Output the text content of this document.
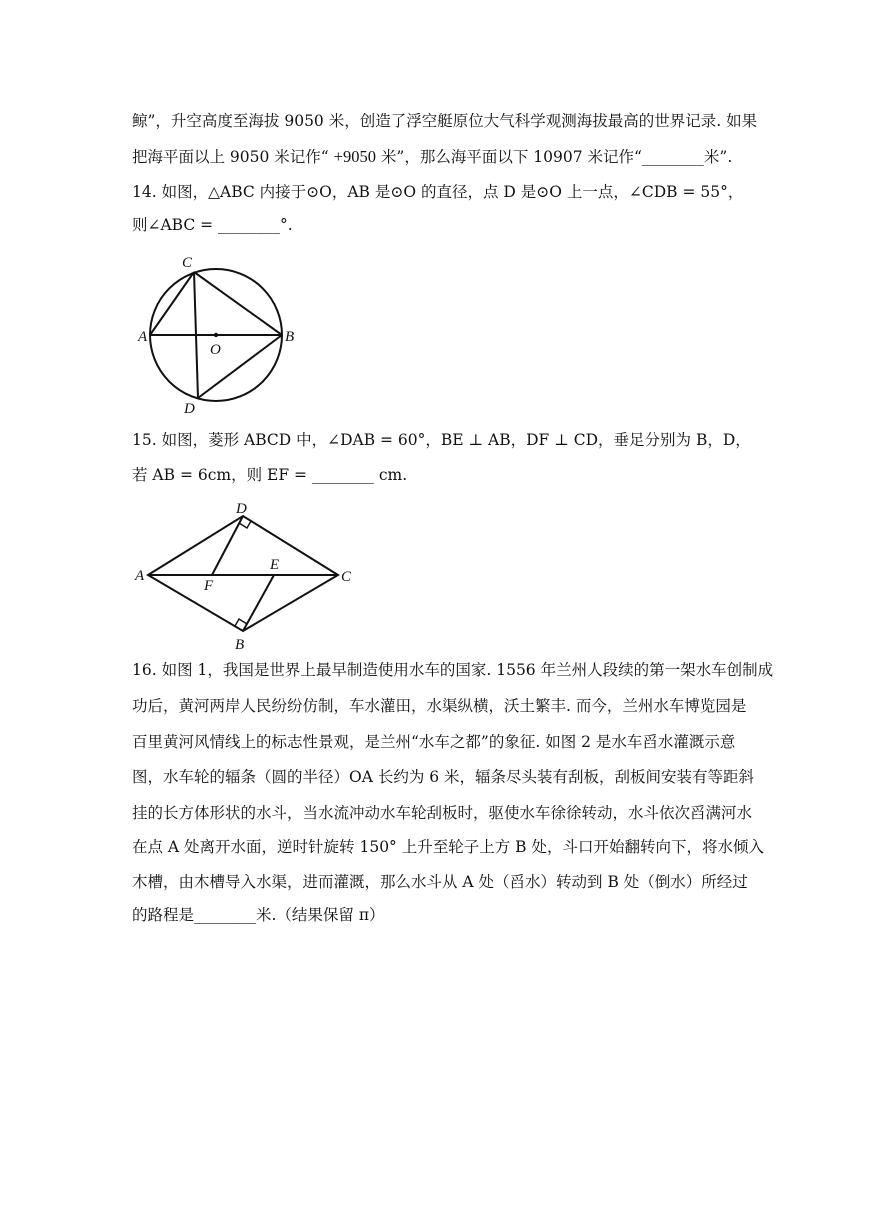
鲸”，升空高度至海拔 9050 米，创造了浮空艇原位大气科学观测海拔最高的世界记录. 如果
把海平面以上 9050 米记作“ +9050 米”，那么海平面以下 10907 米记作“________米”.
14. 如图，△ABC 内接于⊙O，AB 是⊙O 的直径，点 D 是⊙O 上一点，∠CDB = 55°，
则∠ABC = ________°.
C
A	B
O
D
15. 如图，菱形 ABCD 中，∠DAB = 60°，BE ⊥ AB，DF ⊥ CD，垂足分别为 B，D，
若 AB = 6cm，则 EF = ________ cm.
D
A	C
F
E
B
16. 如图 1，我国是世界上最早制造使用水车的国家. 1556 年兰州人段续的第一架水车创制成
功后，黄河两岸人民纷纷仿制，车水灌田，水渠纵横，沃土繁丰. 而今，兰州水车博览园是
百里黄河风情线上的标志性景观，是兰州“水车之都”的象征. 如图 2 是水车舀水灌溉示意
图，水车轮的辐条（圆的半径）OA 长约为 6 米，辐条尽头装有刮板，刮板间安装有等距斜
挂的长方体形状的水斗，当水流冲动水车轮刮板时，驱使水车徐徐转动，水斗依次舀满河水
在点 A 处离开水面，逆时针旋转 150° 上升至轮子上方 B 处，斗口开始翻转向下，将水倾入
木槽，由木槽导入水渠，进而灌溉，那么水斗从 A 处（舀水）转动到 B 处（倒水）所经过
的路程是________米.（结果保留 π）
